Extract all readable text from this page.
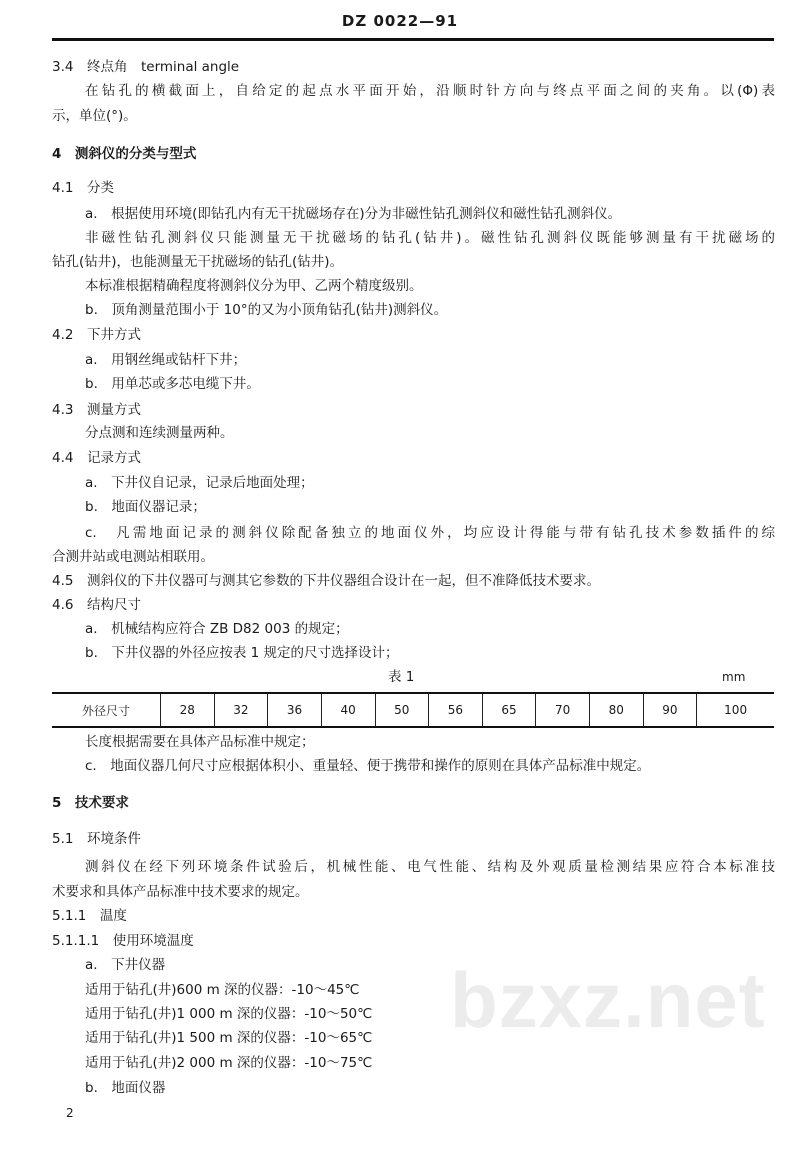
DZ 0022—91
bzxz.net
3.4　终点角　terminal angle
在钻孔的横截面上，自给定的起点水平面开始，沿顺时针方向与终点平面之间的夹角。以(Φ)表
示，单位(°)。
4　测斜仪的分类与型式
4.1　分类
a.　根据使用环境(即钻孔内有无干扰磁场存在)分为非磁性钻孔测斜仪和磁性钻孔测斜仪。
非磁性钻孔测斜仪只能测量无干扰磁场的钻孔(钻井)。磁性钻孔测斜仪既能够测量有干扰磁场的
钻孔(钻井)，也能测量无干扰磁场的钻孔(钻井)。
本标准根据精确程度将测斜仪分为甲、乙两个精度级别。
b.　顶角测量范围小于 10°的又为小顶角钻孔(钻井)测斜仪。
4.2　下井方式
a.　用钢丝绳或钻杆下井；
b.　用单芯或多芯电缆下井。
4.3　测量方式
分点测和连续测量两种。
4.4　记录方式
a.　下井仪自记录，记录后地面处理；
b.　地面仪器记录；
c.　凡需地面记录的测斜仪除配备独立的地面仪外，均应设计得能与带有钻孔技术参数插件的综
合测井站或电测站相联用。
4.5　测斜仪的下井仪器可与测其它参数的下井仪器组合设计在一起，但不准降低技术要求。
4.6　结构尺寸
a.　机械结构应符合 ZB D82 003 的规定；
b.　下井仪器的外径应按表 1 规定的尺寸选择设计；
表 1	mm
外径尺寸	28	32	36	40	50	56	65	70	80	90	100
长度根据需要在具体产品标准中规定；
c.　地面仪器几何尺寸应根据体积小、重量轻、便于携带和操作的原则在具体产品标准中规定。
5　技术要求
5.1　环境条件
测斜仪在经下列环境条件试验后，机械性能、电气性能、结构及外观质量检测结果应符合本标准技
术要求和具体产品标准中技术要求的规定。
5.1.1　温度
5.1.1.1　使用环境温度
a.　下井仪器
适用于钻孔(井)600 m 深的仪器：-10～45℃
适用于钻孔(井)1 000 m 深的仪器：-10～50℃
适用于钻孔(井)1 500 m 深的仪器：-10～65℃
适用于钻孔(井)2 000 m 深的仪器：-10～75℃
b.　地面仪器
2
